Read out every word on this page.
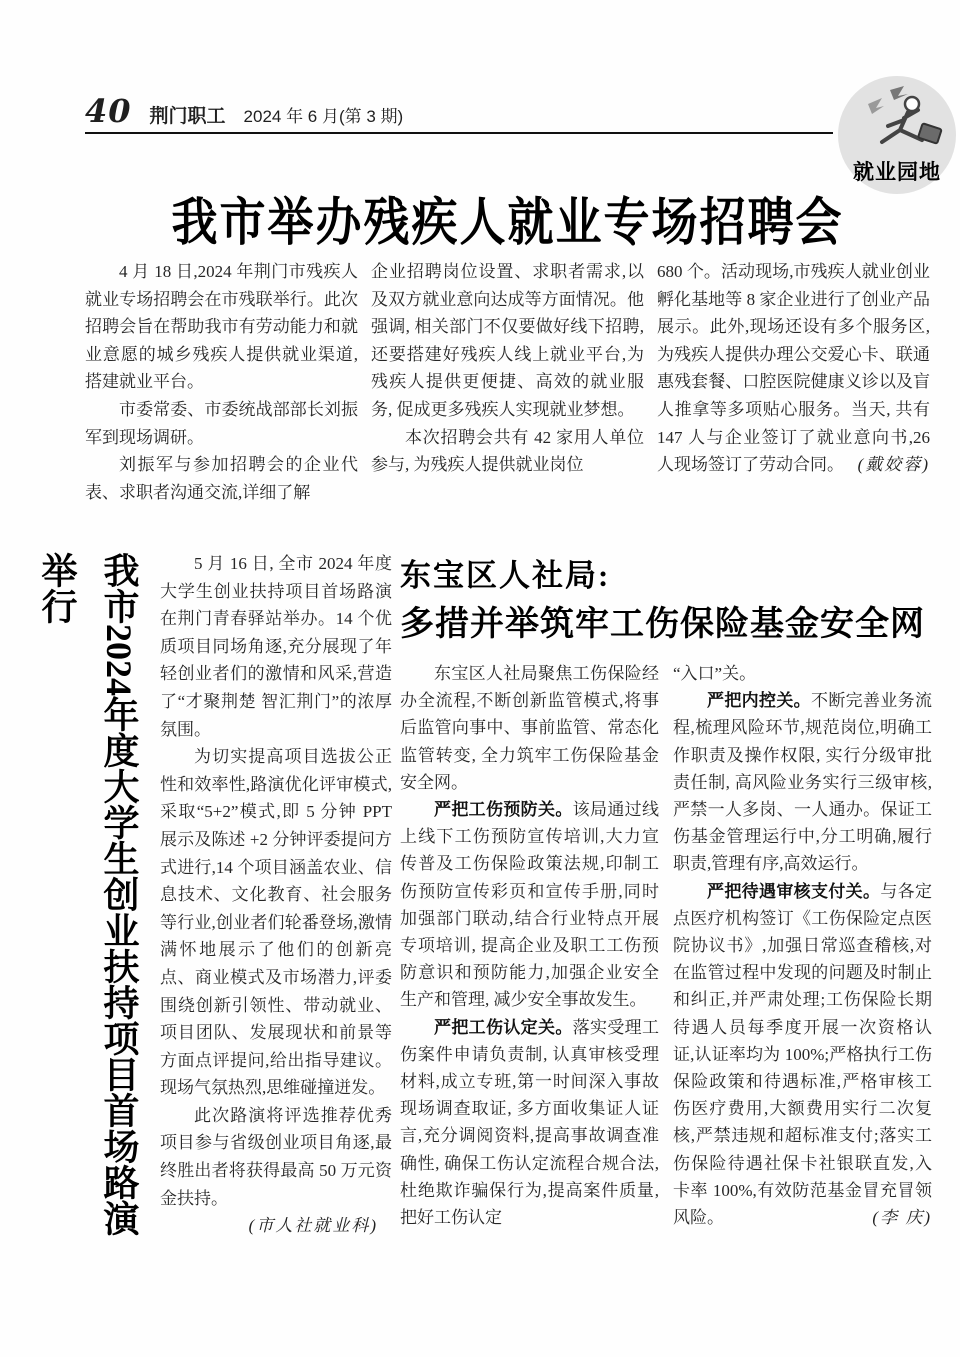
40 荆门职工 2024 年 6 月(第 3 期)
就业园地
我市举办残疾人就业专场招聘会

4 月 18 日,2024 年荆门市残疾人就业专场招聘会在市残联举行。此次招聘会旨在帮助我市有劳动能力和就业意愿的城乡残疾人提供就业渠道,搭建就业平台。

市委常委、市委统战部部长刘振军到现场调研。

刘振军与参加招聘会的企业代表、求职者沟通交流,详细了解

企业招聘岗位设置、求职者需求,以及双方就业意向达成等方面情况。他强调, 相关部门不仅要做好线下招聘, 还要搭建好残疾人线上就业平台,为残疾人提供更便捷、高效的就业服务, 促成更多残疾人实现就业梦想。

本次招聘会共有 42 家用人单位参与, 为残疾人提供就业岗位

680 个。活动现场,市残疾人就业创业孵化基地等 8 家企业进行了创业产品展示。此外,现场还设有多个服务区, 为残疾人提供办理公交爱心卡、联通惠残套餐、口腔医院健康义诊以及盲人推拿等多项贴心服务。当天, 共有 147 人与企业签订了就业意向书,26 人现场签订了劳动合同。 (戴姣蓉)

我市2024年度大学生创业扶持项目首场路演举行	5 月 16 日, 全市 2024 年度大学生创业扶持项目首场路演在荆门青春驿站举办。14 个优质项目同场角逐,充分展现了年轻创业者们的激情和风采,营造了“才聚荆楚 智汇荆门”的浓厚氛围。

为切实提高项目选拔公正性和效率性,路演优化评审模式,采取“5+2”模式,即 5 分钟 PPT 展示及陈述 +2 分钟评委提问方式进行,14 个项目涵盖农业、信息技术、文化教育、社会服务等行业,创业者们轮番登场,激情满怀地展示了他们的创新亮点、商业模式及市场潜力,评委围绕创新引领性、带动就业、项目团队、发展现状和前景等方面点评提问,给出指导建议。 现场气氛热烈,思维碰撞迸发。

此次路演将评选推荐优秀项目参与省级创业项目角逐,最终胜出者将获得最高 50 万元资金扶持。

(市人社就业科)

东宝区人社局:

多措并举筑牢工伤保险基金安全网

东宝区人社局聚焦工伤保险经办全流程,不断创新监管模式,将事后监管向事中、事前监管、常态化监管转变, 全力筑牢工伤保险基金安全网。

严把工伤预防关。该局通过线上线下工伤预防宣传培训,大力宣传普及工伤保险政策法规,印制工伤预防宣传彩页和宣传手册,同时加强部门联动,结合行业特点开展专项培训, 提高企业及职工工伤预防意识和预防能力,加强企业安全生产和管理, 减少安全事故发生。

严把工伤认定关。落实受理工伤案件申请负责制, 认真审核受理材料,成立专班,第一时间深入事故现场调查取证, 多方面收集证人证言,充分调阅资料,提高事故调查准确性, 确保工伤认定流程合规合法, 杜绝欺诈骗保行为,提高案件质量,把好工伤认定

“入口”关。

严把内控关。不断完善业务流程,梳理风险环节,规范岗位,明确工作职责及操作权限, 实行分级审批责任制, 高风险业务实行三级审核,严禁一人多岗、一人通办。保证工伤基金管理运行中,分工明确,履行职责,管理有序,高效运行。

严把待遇审核支付关。与各定点医疗机构签订《工伤保险定点医院协议书》,加强日常巡查稽核,对在监管过程中发现的问题及时制止和纠正,并严肃处理;工伤保险长期待遇人员每季度开展一次资格认证,认证率均为 100%;严格执行工伤保险政策和待遇标准,严格审核工伤医疗费用,大额费用实行二次复核,严禁违规和超标准支付;落实工伤保险待遇社保卡社银联直发,入卡率 100%,有效防范基金冒充冒领风险。	(李 庆)
